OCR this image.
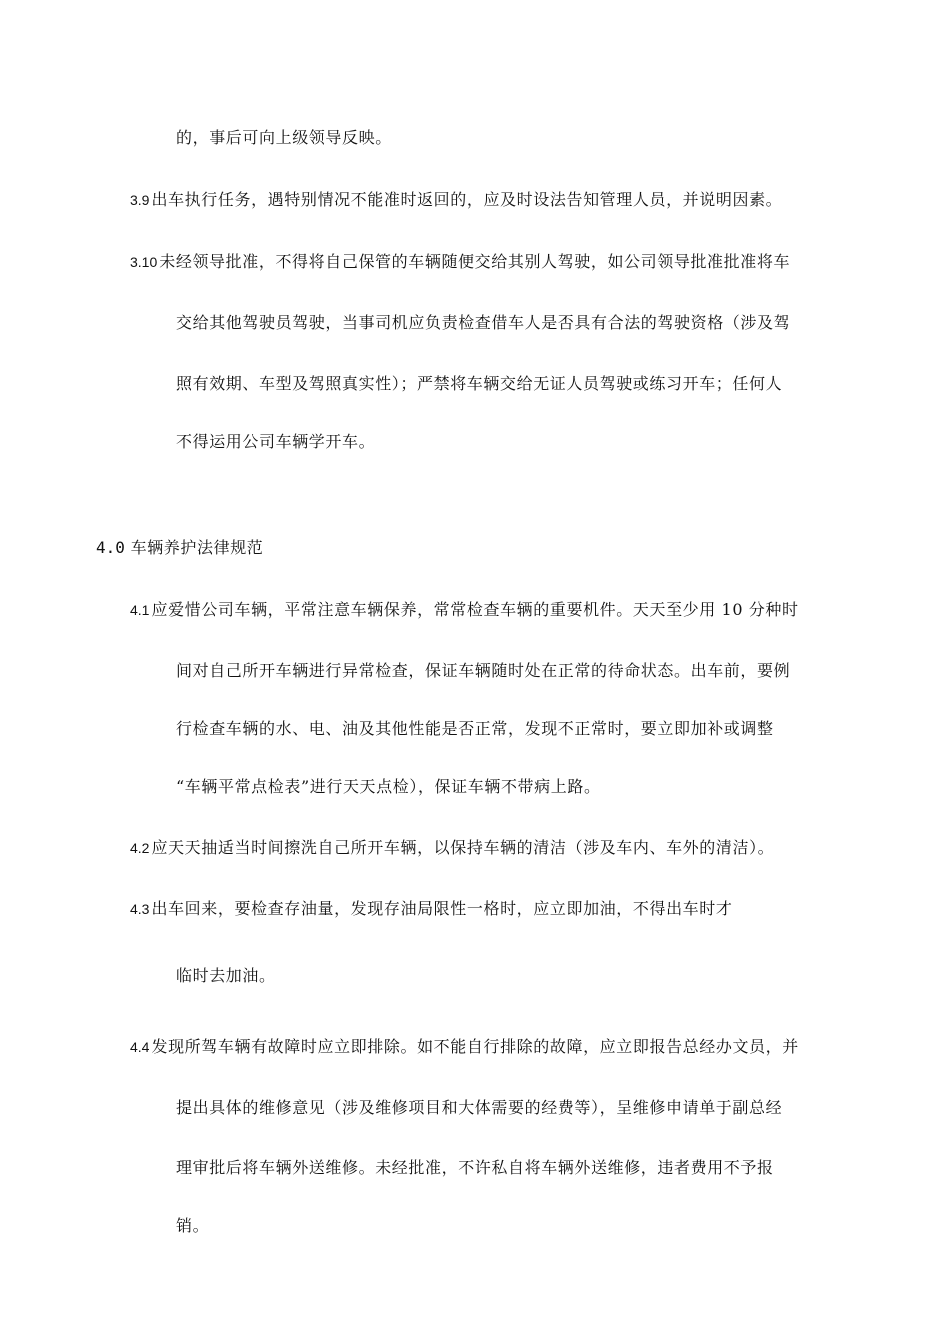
的，事后可向上级领导反映。
3.9 出车执行任务，遇特别情况不能准时返回的，应及时设法告知管理人员，并说明因素。
3.10 未经领导批准，不得将自己保管的车辆随便交给其别人驾驶，如公司领导批准批准将车
交给其他驾驶员驾驶，当事司机应负责检查借车人是否具有合法的驾驶资格（涉及驾
照有效期、车型及驾照真实性）；严禁将车辆交给无证人员驾驶或练习开车；任何人
不得运用公司车辆学开车。
4.0 车辆养护法律规范
4.1 应爱惜公司车辆，平常注意车辆保养，常常检查车辆的重要机件。天天至少用 10 分种时
间对自己所开车辆进行异常检查，保证车辆随时处在正常的待命状态。出车前，要例
行检查车辆的水、电、油及其他性能是否正常，发现不正常时，要立即加补或调整
“车辆平常点检表”进行天天点检），保证车辆不带病上路。
4.2 应天天抽适当时间擦洗自己所开车辆，以保持车辆的清洁（涉及车内、车外的清洁）。
4.3 出车回来，要检查存油量，发现存油局限性一格时，应立即加油，不得出车时才
临时去加油。
4.4 发现所驾车辆有故障时应立即排除。如不能自行排除的故障，应立即报告总经办文员，并
提出具体的维修意见（涉及维修项目和大体需要的经费等），呈维修申请单于副总经
理审批后将车辆外送维修。未经批准，不许私自将车辆外送维修，违者费用不予报
销。
